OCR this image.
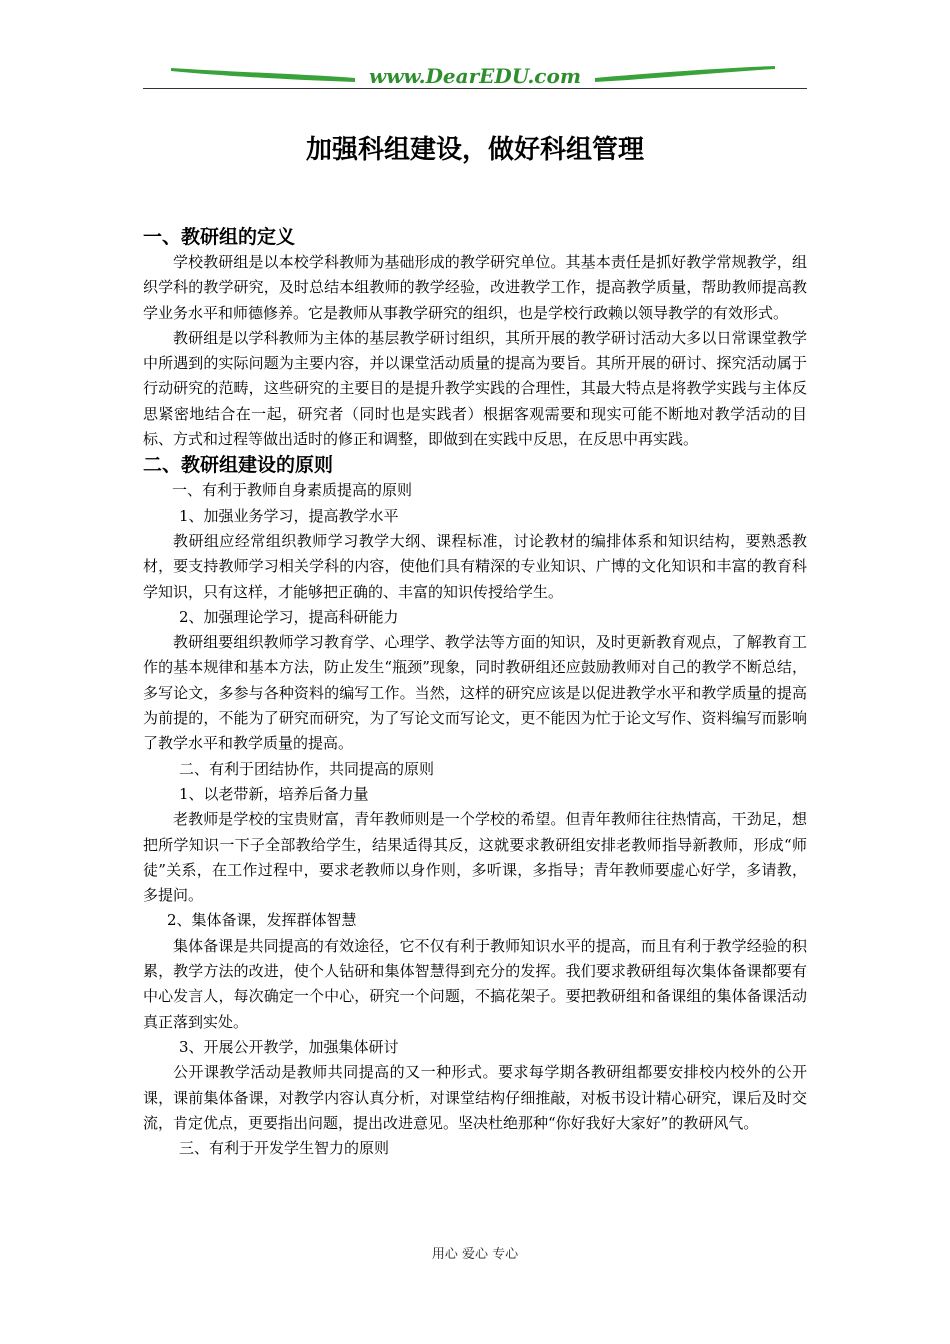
www.DearEDU.com
加强科组建设，做好科组管理
一、教研组的定义

学校教研组是以本校学科教师为基础形成的教学研究单位。其基本责任是抓好教学常规教学，组织学科的教学研究，及时总结本组教师的教学经验，改进教学工作，提高教学质量，帮助教师提高教学业务水平和师德修养。它是教师从事教学研究的组织，也是学校行政赖以领导教学的有效形式。

教研组是以学科教师为主体的基层教学研讨组织，其所开展的教学研讨活动大多以日常课堂教学中所遇到的实际问题为主要内容，并以课堂活动质量的提高为要旨。其所开展的研讨、探究活动属于行动研究的范畴，这些研究的主要目的是提升教学实践的合理性，其最大特点是将教学实践与主体反思紧密地结合在一起，研究者（同时也是实践者）根据客观需要和现实可能不断地对教学活动的目标、方式和过程等做出适时的修正和调整，即做到在实践中反思，在反思中再实践。

二、教研组建设的原则

一、有利于教师自身素质提高的原则

1、加强业务学习，提高教学水平

教研组应经常组织教师学习教学大纲、课程标准，讨论教材的编排体系和知识结构，要熟悉教材，要支持教师学习相关学科的内容，使他们具有精深的专业知识、广博的文化知识和丰富的教育科学知识，只有这样，才能够把正确的、丰富的知识传授给学生。

2、加强理论学习，提高科研能力

教研组要组织教师学习教育学、心理学、教学法等方面的知识，及时更新教育观点，了解教育工作的基本规律和基本方法，防止发生“瓶颈”现象，同时教研组还应鼓励教师对自己的教学不断总结，多写论文，多参与各种资料的编写工作。当然，这样的研究应该是以促进教学水平和教学质量的提高为前提的，不能为了研究而研究，为了写论文而写论文，更不能因为忙于论文写作、资料编写而影响了教学水平和教学质量的提高。

二、有利于团结协作，共同提高的原则

1、以老带新，培养后备力量

老教师是学校的宝贵财富，青年教师则是一个学校的希望。但青年教师往往热情高，干劲足，想把所学知识一下子全部教给学生，结果适得其反，这就要求教研组安排老教师指导新教师，形成“师徒”关系，在工作过程中，要求老教师以身作则，多听课，多指导；青年教师要虚心好学，多请教，多提问。

2、集体备课，发挥群体智慧

集体备课是共同提高的有效途径，它不仅有利于教师知识水平的提高，而且有利于教学经验的积累，教学方法的改进，使个人钻研和集体智慧得到充分的发挥。我们要求教研组每次集体备课都要有中心发言人，每次确定一个中心，研究一个问题，不搞花架子。要把教研组和备课组的集体备课活动真正落到实处。

3、开展公开教学，加强集体研讨

公开课教学活动是教师共同提高的又一种形式。要求每学期各教研组都要安排校内校外的公开课，课前集体备课，对教学内容认真分析，对课堂结构仔细推敲，对板书设计精心研究，课后及时交流，肯定优点，更要指出问题，提出改进意见。坚决杜绝那种“你好我好大家好”的教研风气。

三、有利于开发学生智力的原则

用心 爱心 专心
